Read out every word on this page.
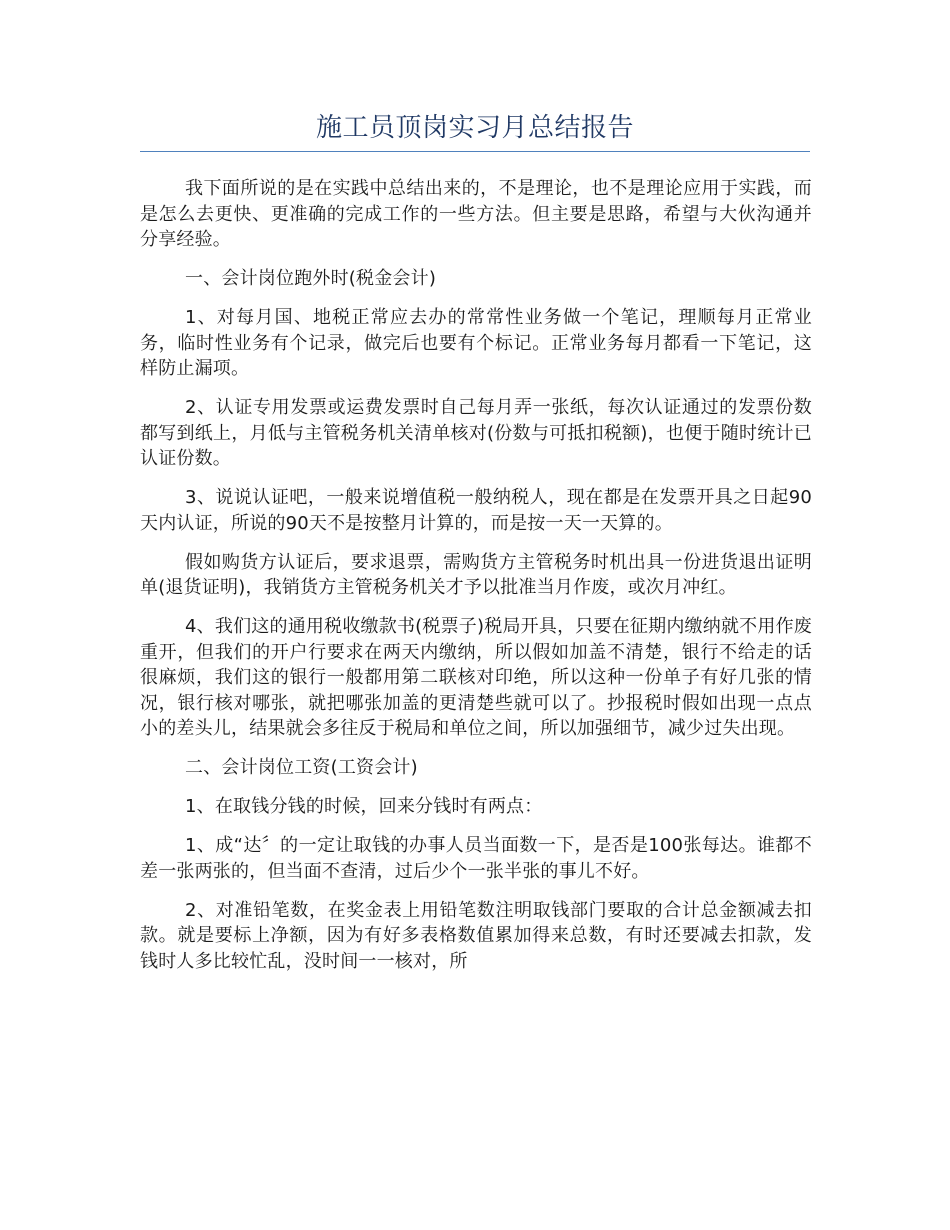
施工员顶岗实习月总结报告

我下面所说的是在实践中总结出来的，不是理论，也不是理论应用于实践，而是怎么去更快、更准确的完成工作的一些方法。但主要是思路，希望与大伙沟通并分享经验。

一、会计岗位跑外时(税金会计)

1、对每月国、地税正常应去办的常常性业务做一个笔记，理顺每月正常业务，临时性业务有个记录，做完后也要有个标记。正常业务每月都看一下笔记，这样防止漏项。

2、认证专用发票或运费发票时自己每月弄一张纸，每次认证通过的发票份数都写到纸上，月低与主管税务机关清单核对(份数与可抵扣税额)，也便于随时统计已认证份数。

3、说说认证吧，一般来说增值税一般纳税人，现在都是在发票开具之日起90天内认证，所说的90天不是按整月计算的，而是按一天一天算的。

假如购货方认证后，要求退票，需购货方主管税务时机出具一份进货退出证明单(退货证明)，我销货方主管税务机关才予以批准当月作废，或次月冲红。

4、我们这的通用税收缴款书(税票子)税局开具，只要在征期内缴纳就不用作废重开，但我们的开户行要求在两天内缴纳，所以假如加盖不清楚，银行不给走的话很麻烦，我们这的银行一般都用第二联核对印绝，所以这种一份单子有好几张的情况，银行核对哪张，就把哪张加盖的更清楚些就可以了。抄报税时假如出现一点点小的差头儿，结果就会多往反于税局和单位之间，所以加强细节，减少过失出现。

二、会计岗位工资(工资会计)

1、在取钱分钱的时候，回来分钱时有两点：

1、成“达〞的一定让取钱的办事人员当面数一下，是否是100张每达。谁都不差一张两张的，但当面不查清，过后少个一张半张的事儿不好。

2、对准铅笔数，在奖金表上用铅笔数注明取钱部门要取的合计总金额减去扣款。就是要标上净额，因为有好多表格数值累加得来总数，有时还要减去扣款，发钱时人多比较忙乱，没时间一一核对，所
